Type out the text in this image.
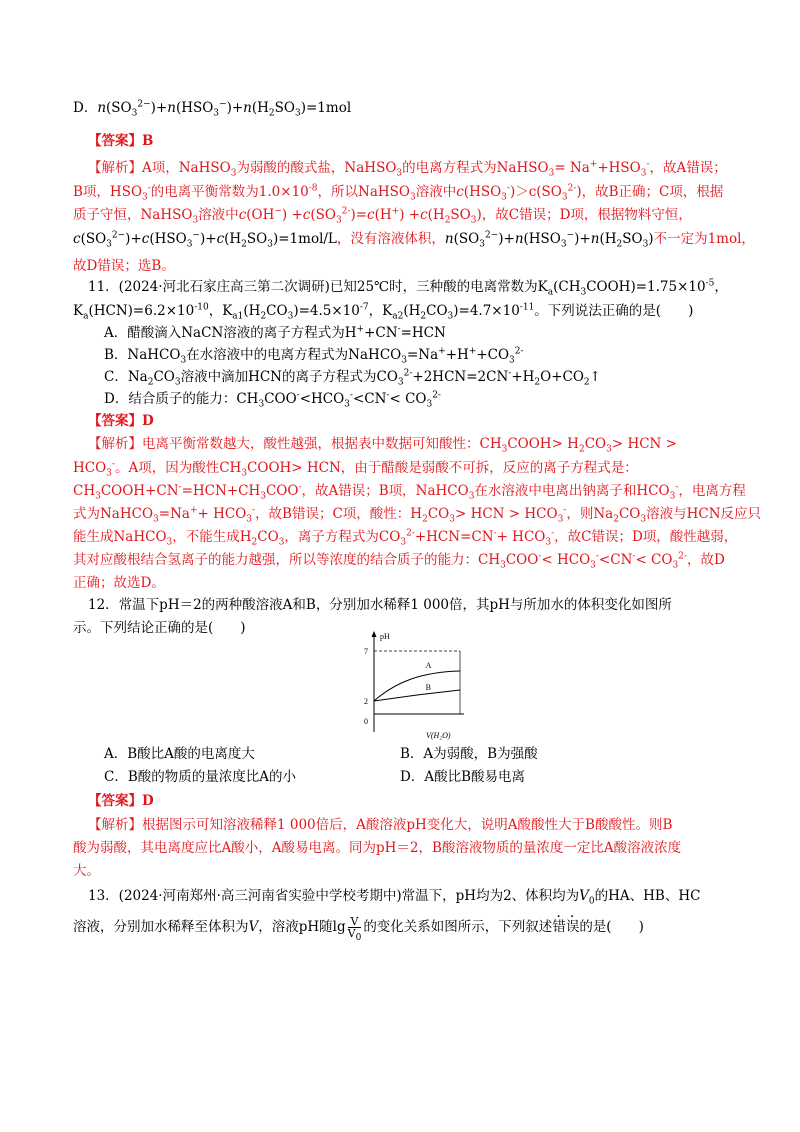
D．$n(SO_3^{2-})+n(HSO_3^-)+n(H_2SO_3)=1mol$
【答案】B
【解析】A项，NaHSO$_3$为弱酸的酸式盐，NaHSO$_3$的电离方程式为NaHSO$_3$= $Na^++HSO_3^-$，故A错误；
B项，$HSO_3^-$的电离平衡常数为$1.0\times 10^{-8}$，所以NaHSO$_3$溶液中$c(HSO_3^-)>c(SO_3^{2-})$，故B正确；C项，根据
质子守恒，NaHSO$_3$溶液中$c(OH^-) +c(SO_3^{2-})=c(H^+) +c(H_2SO_3)$，故C错误；D项，根据物料守恒，
$c(SO_3^{2-})+c(HSO_3^-)+c(H_2SO_3)=1mol/L$，没有溶液体积，$n(SO_3^{2-})+n(HSO_3^-)+n(H_2SO_3)$不一定为1mol，
故D错误；选B。
11．(2024·河北石家庄高三第二次调研)已知25℃时，三种酸的电离常数为$K_a(CH_3COOH)=1.75\times 10^{-5}$，
$K_a(HCN)=6.2\times 10^{-10}$，$K_{a1}(H_2CO_3)=4.5\times 10^{-7}$，$K_{a2}(H_2CO_3)=4.7\times 10^{-11}$。下列说法正确的是(　　)
A．醋酸滴入NaCN溶液的离子方程式为H++CN-=HCN
B．NaHCO$_3$在水溶液中的电离方程式为$NaHCO_3=Na^++H^++CO_3^{2-}$
C．$Na_2CO_3$溶液中滴加HCN的离子方程式为$CO_3^{2-}+2HCN=2CN^-+H_2O+CO_2↑$
D．结合质子的能力：$CH_3COO^-<HCO_3^-<CN^-< CO_3^{2-}$
【答案】D
【解析】电离平衡常数越大，酸性越强，根据表中数据可知酸性：$CH_3COOH> H_2CO_3>$ HCN >
$HCO_3^-$。A项，因为酸性$CH_3COOH>$ HCN，由于醋酸是弱酸不可拆，反应的离子方程式是：
$CH_3COOH+CN^-=HCN+CH_3COO^-$，故A错误；B项，NaHCO$_3$在水溶液中电离出钠离子和$HCO_3^-$，电离方程
式为NaHCO$_3$=Na++ $HCO_3^-$，故B错误；C项，酸性：$H_2CO_3>$ HCN > $HCO_3^-$，则$Na_2CO_3$溶液与HCN反应只
能生成NaHCO$_3$，不能生成$H_2CO_3$，离子方程式为$CO_3^{2-}+HCN=CN^-+ HCO_3^-$，故C错误；D项，酸性越弱，
其对应酸根结合氢离子的能力越强，所以等浓度的结合质子的能力：$CH_3COO^-< HCO_3^-<CN^-< CO_3^{2-}$，故D
正确；故选D。
12．常温下pH＝2的两种酸溶液A和B，分别加水稀释1 000倍，其pH与所加水的体积变化如图所
示。下列结论正确的是(　　)
pH
V(H₂O)
7
2
0
A
B
A．B酸比A酸的电离度大	B．A为弱酸，B为强酸
C．B酸的物质的量浓度比A的小	D．A酸比B酸易电离
【答案】D
【解析】根据图示可知溶液稀释1 000倍后，A酸溶液pH变化大，说明A酸酸性大于B酸酸性。则B
酸为弱酸，其电离度应比A酸小，A酸易电离。同为pH＝2，B酸溶液物质的量浓度一定比A酸溶液浓度
大。
13．(2024·河南郑州·高三河南省实验中学校考期中)常温下，pH均为2、体积均为$V_0$的HA、HB、HC
溶液，分别加水稀释至体积为V，溶液pH随$\lg \frac{V}{V_0}$ 的变化关系如图所示，下列叙述错误的是(　　)
